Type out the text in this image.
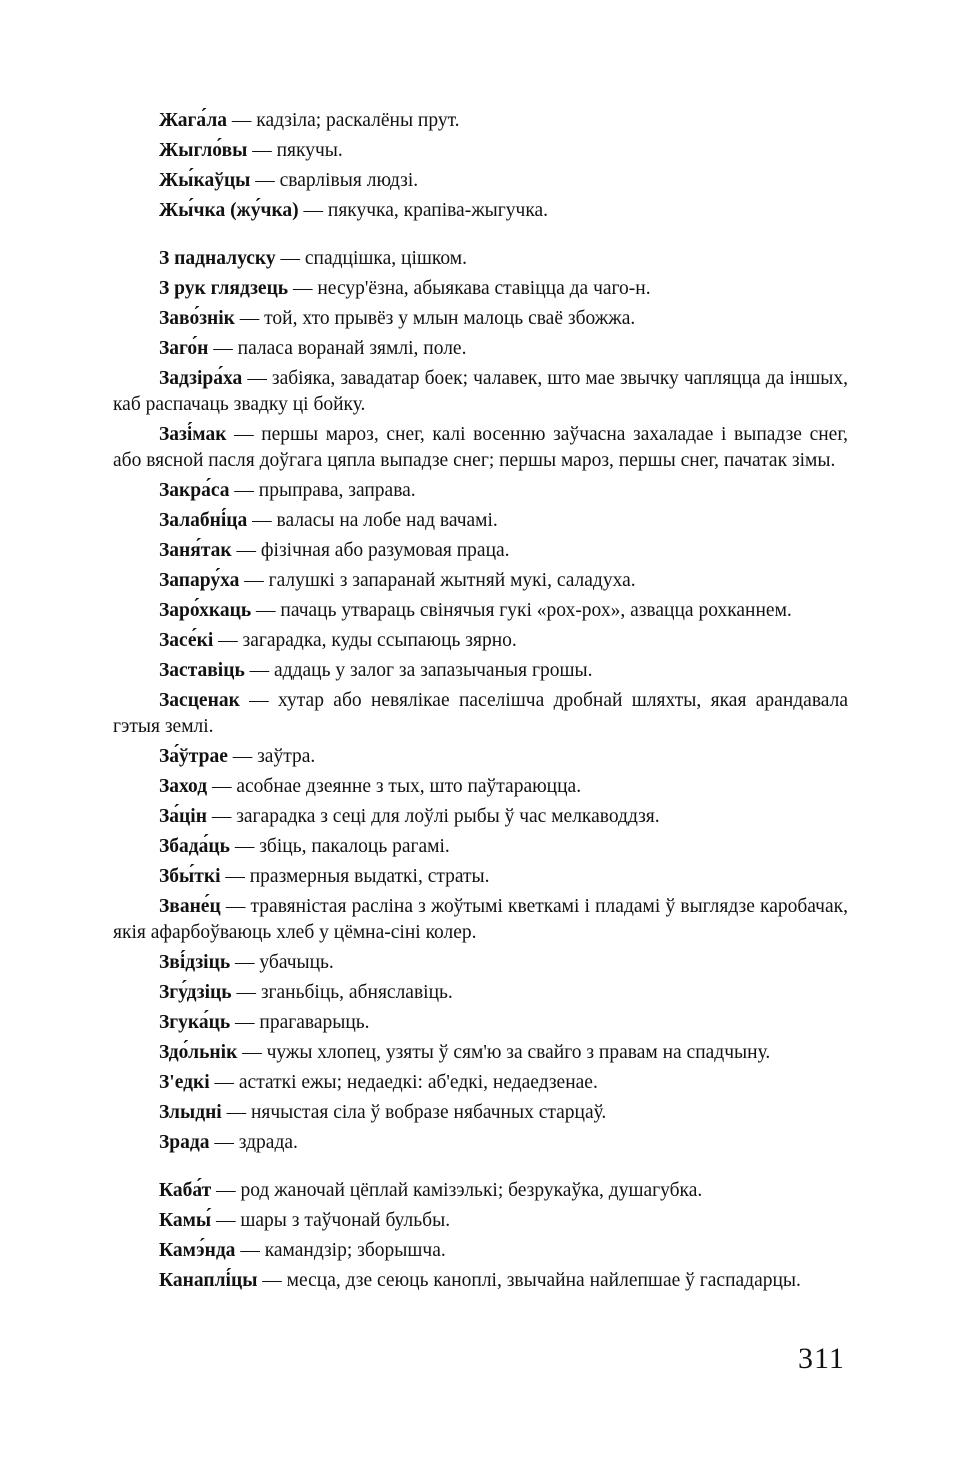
Жага́ла — кадзіла; раскалёны прут.

Жыгло́вы — пякучы.

Жы́каўцы — сварлівыя людзі.

Жы́чка (жу́чка) — пякучка, крапіва-жыгучка.

З падналуску — спадцішка, цішком.

З рук глядзець — несур'ёзна, абыякава ставіцца да чаго-н.

Заво́знік — той, хто прывёз у млын малоць сваё збожжа.

Заго́н — паласа воранай зямлі, поле.

Задзіра́ха — забіяка, завадатар боек; чалавек, што мае звычку чапляцца да іншых, каб распачаць звадку ці бойку.

Зазі́мак — першы мароз, снег, калі восенню заўчасна захаладае і выпадзе снег, або вясной пасля доўгага цяпла выпадзе снег; першы мароз, першы снег, пачатак зімы.

Закра́са — прыправа, заправа.

Залабні́ца — валасы на лобе над вачамі.

Заня́так — фізічная або разумовая праца.

Запару́ха — галушкі з запаранай жытняй мукі, саладуха.

Заро́хкаць — пачаць утвараць свінячыя гукі «рох-рох», азвацца рохканнем.

Засе́кі — загарадка, куды ссыпаюць зярно.

Заставіць — аддаць у залог за запазычаныя грошы.

Засценак — хутар або невялікае паселішча дробнай шляхты, якая арандавала гэтыя землі.

За́ўтрае — заўтра.

Заход — асобнае дзеянне з тых, што паўтараюцца.

За́цін — загарадка з сеці для лоўлі рыбы ў час мелкаводдзя.

Збада́ць — збіць, пакалоць рагамі.

Збы́ткі — празмерныя выдаткі, страты.

Зване́ц — травяністая расліна з жоўтымі кветкамі і пладамі ў выглядзе каробачак, якія афарбоўваюць хлеб у цёмна-сіні колер.

Зві́дзіць — убачыць.

Згу́дзіць — зганьбіць, абняславіць.

Згука́ць — прагаварыць.

Здо́льнік — чужы хлопец, узяты ў сям'ю за свайго з правам на спадчыну.

З'едкі — астаткі ежы; недаедкі: аб'едкі, недаедзенае.

Злыдні — нячыстая сіла ў вобразе нябачных старцаў.

Зрада — здрада.

Каба́т — род жаночай цёплай камізэлькі; безрукаўка, душагубка.

Камы́ — шары з таўчонай бульбы.

Камэ́нда — камандзір; зборышча.

Канаплі́цы — месца, дзе сеюць каноплі, звычайна найлепшае ў гаспадарцы.

311
